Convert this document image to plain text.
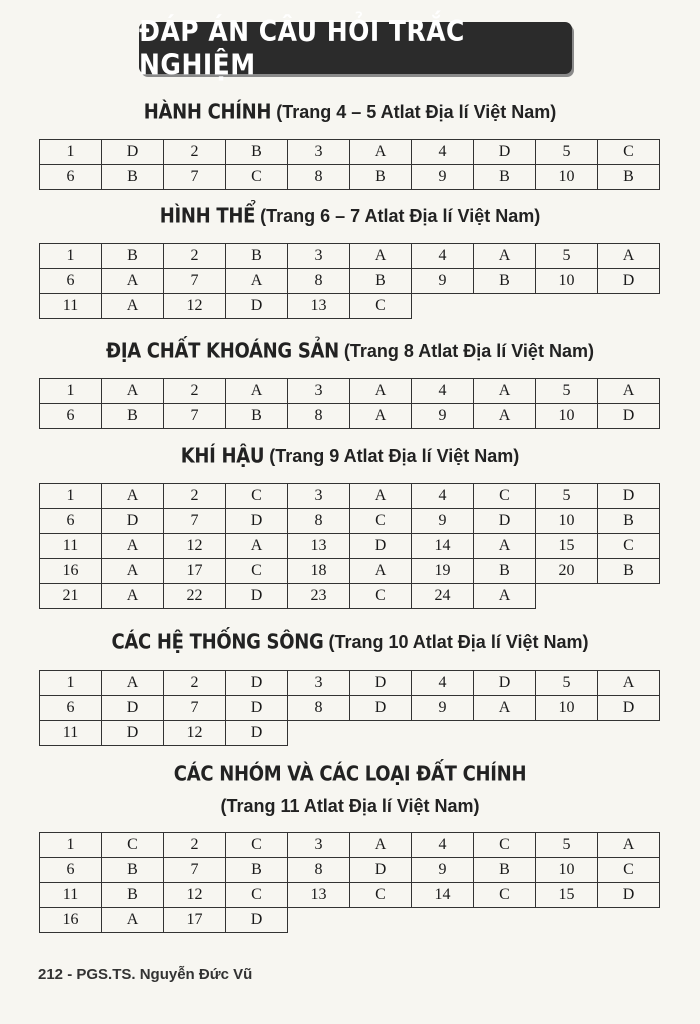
ĐÁP ÁN CÂU HỎI TRẮC NGHIỆM
HÀNH CHÍNH (Trang 4 – 5 Atlat Địa lí Việt Nam)
1	D	2	B	3	A	4	D	5	C
6	B	7	C	8	B	9	B	10	B
HÌNH THỂ (Trang 6 – 7 Atlat Địa lí Việt Nam)
1	B	2	B	3	A	4	A	5	A
6	A	7	A	8	B	9	B	10	D
11	A	12	D	13	C				
ĐỊA CHẤT KHOÁNG SẢN (Trang 8 Atlat Địa lí Việt Nam)
1	A	2	A	3	A	4	A	5	A
6	B	7	B	8	A	9	A	10	D
KHÍ HẬU (Trang 9 Atlat Địa lí Việt Nam)
1	A	2	C	3	A	4	C	5	D
6	D	7	D	8	C	9	D	10	B
11	A	12	A	13	D	14	A	15	C
16	A	17	C	18	A	19	B	20	B
21	A	22	D	23	C	24	A		
CÁC HỆ THỐNG SÔNG (Trang 10 Atlat Địa lí Việt Nam)
1	A	2	D	3	D	4	D	5	A
6	D	7	D	8	D	9	A	10	D
11	D	12	D						
CÁC NHÓM VÀ CÁC LOẠI ĐẤT CHÍNH
(Trang 11 Atlat Địa lí Việt Nam)
1	C	2	C	3	A	4	C	5	A
6	B	7	B	8	D	9	B	10	C
11	B	12	C	13	C	14	C	15	D
16	A	17	D						
212 - PGS.TS. Nguyễn Đức Vũ
